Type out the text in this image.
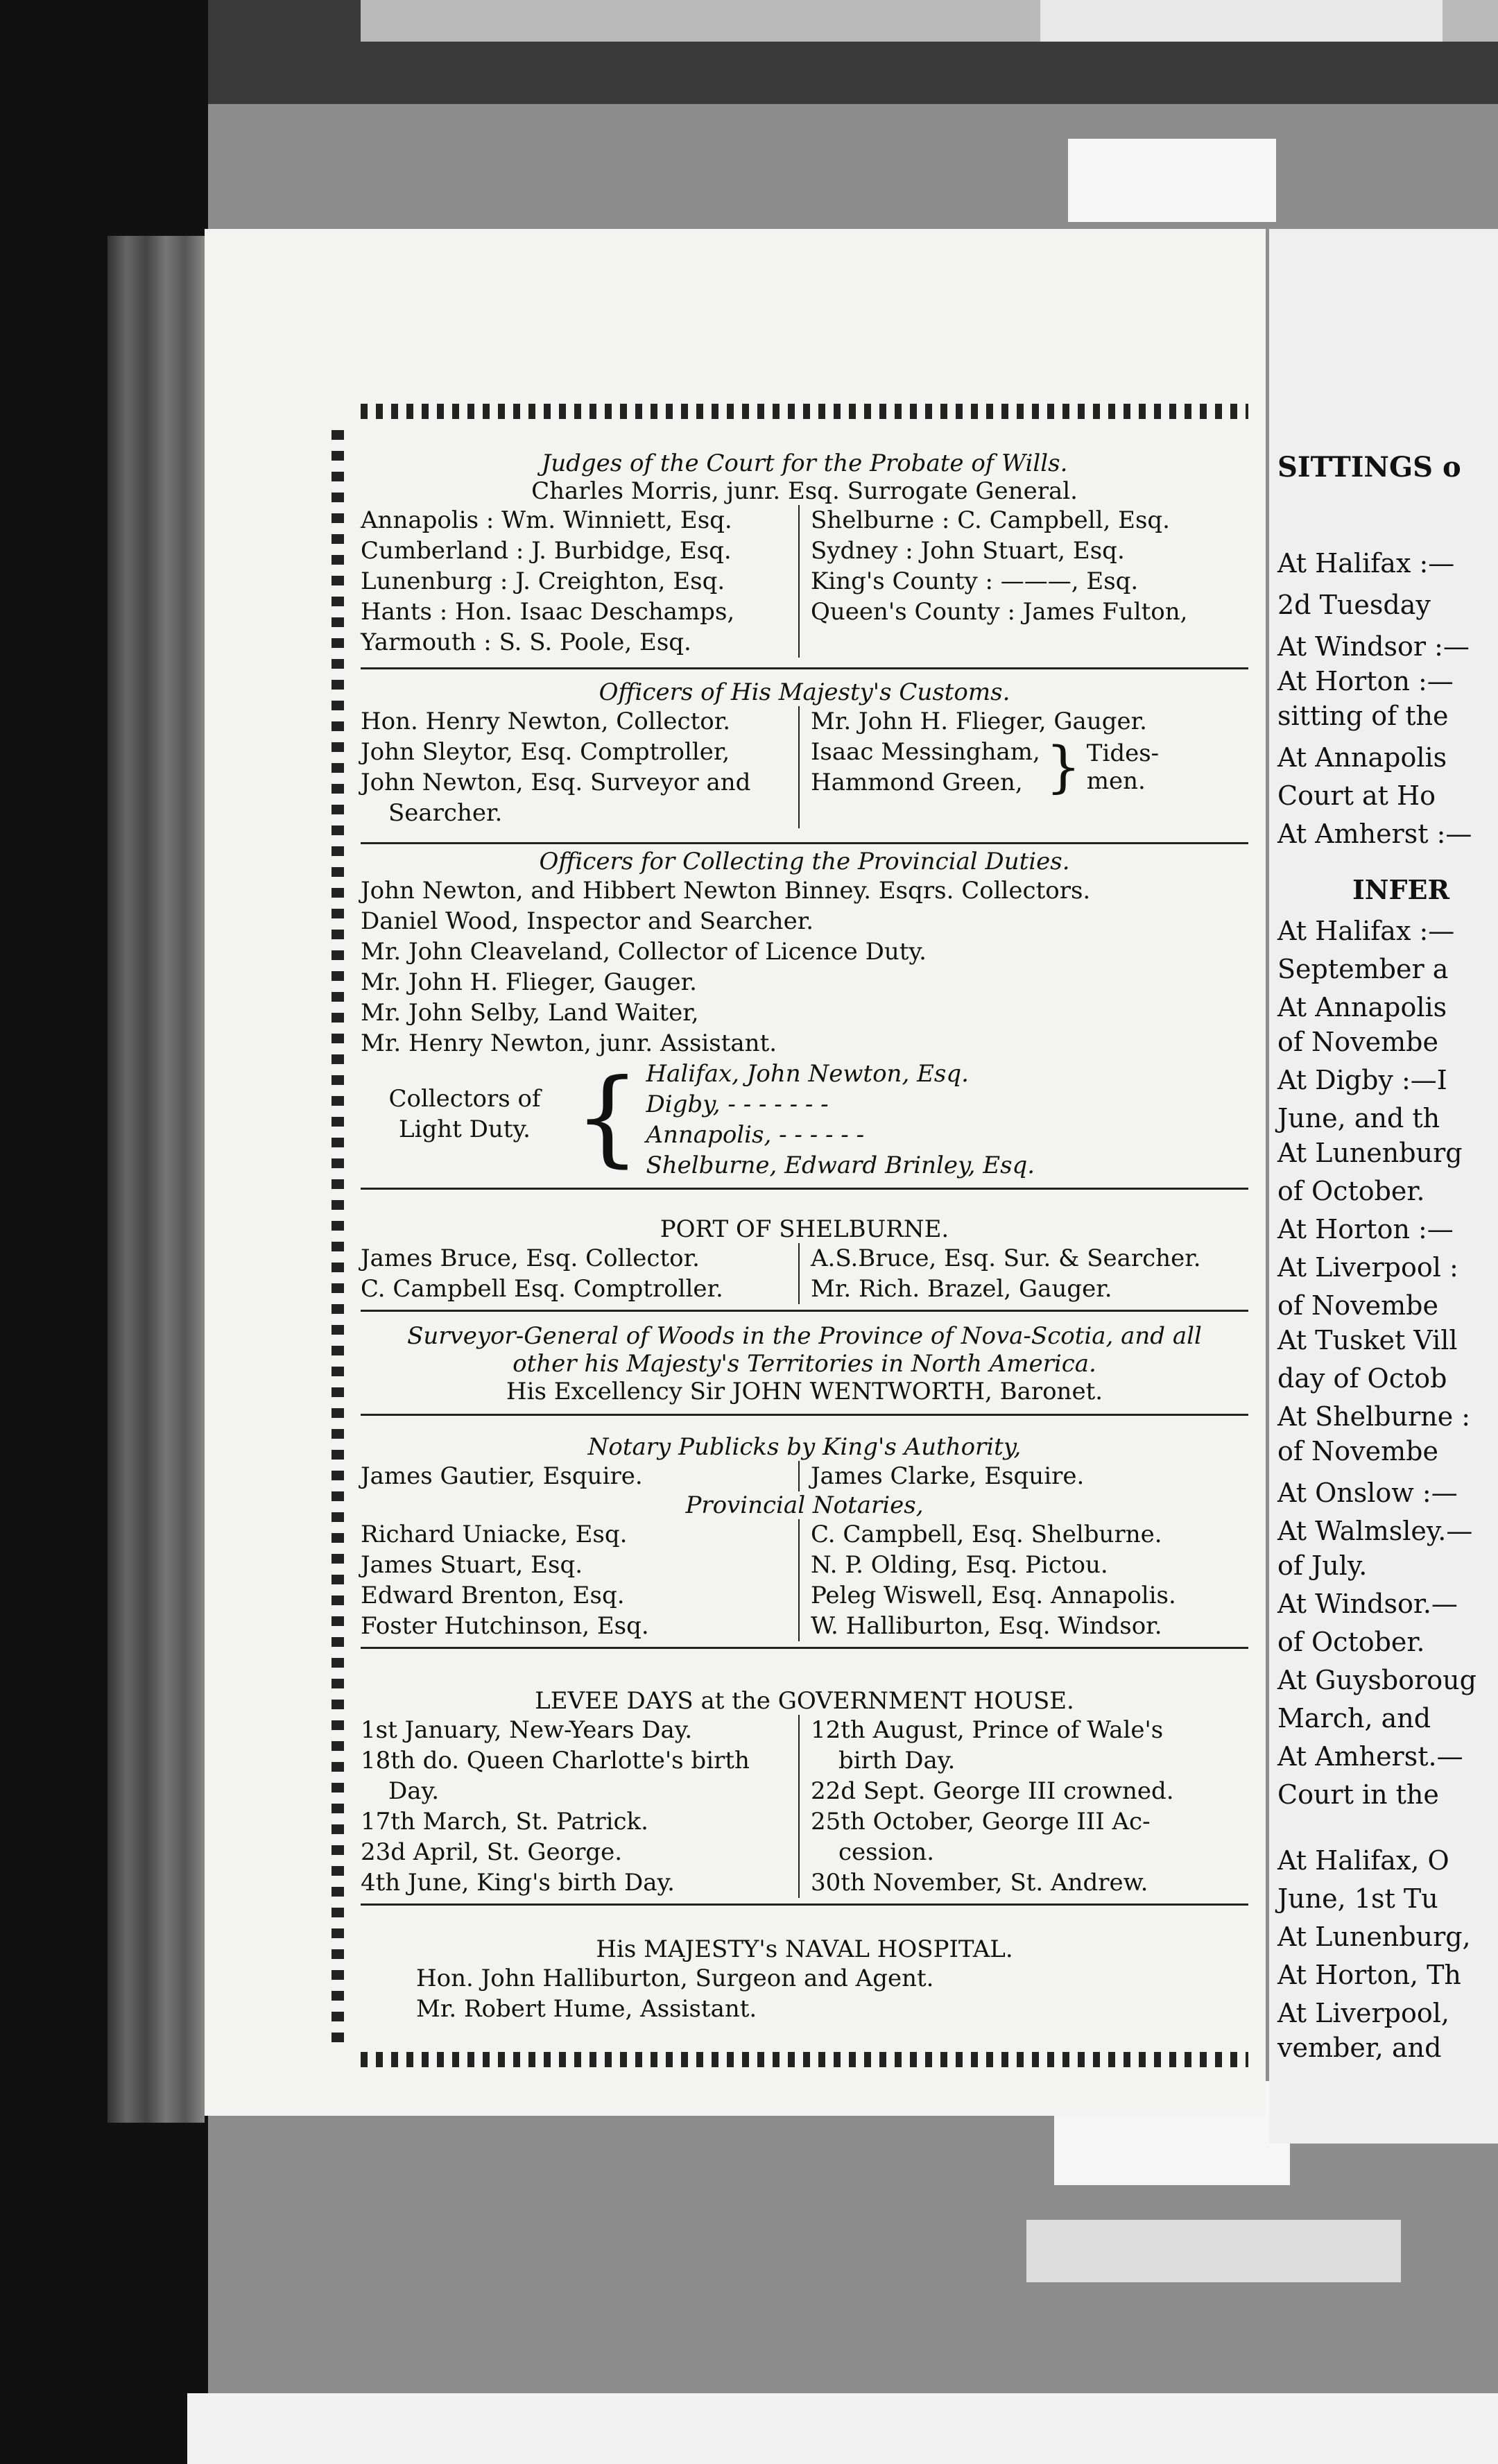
SITTINGS o
At Halifax :—
2d Tuesday
At Windsor :—
At Horton :—
sitting of the
At Annapolis
Court at Ho
At Amherst :—
INFER
At Halifax :—
September a
At Annapolis
of Novembe
At Digby :—I
June, and th
At Lunenburg
of October.
At Horton :—
At Liverpool :
of Novembe
At Tusket Vill
day of Octob
At Shelburne :
of Novembe
At Onslow :—
At Walmsley.—
of July.
At Windsor.—
of October.
At Guysboroug
March, and
At Amherst.—
Court in the
At Halifax, O
June, 1st Tu
At Lunenburg,
At Horton, Th
At Liverpool,
vember, and
Judges of the Court for the Probate of Wills.
Charles Morris, junr. Esq. Surrogate General.
Annapolis : Wm. Winniett, Esq.
Cumberland : J. Burbidge, Esq.
Lunenburg : J. Creighton, Esq.
Hants : Hon. Isaac Deschamps,
Yarmouth : S. S. Poole, Esq.
Shelburne : C. Campbell, Esq.
Sydney : John Stuart, Esq.
King's County : ———, Esq.
Queen's County : James Fulton,
Officers of His Majesty's Customs.
Hon. Henry Newton, Collector.
John Sleytor, Esq. Comptroller,
John Newton, Esq. Surveyor and
Searcher.
Mr. John H. Flieger, Gauger.
Isaac Messingham,
Hammond Green, } Tides-men.
Officers for Collecting the Provincial Duties.
John Newton, and Hibbert Newton Binney. Esqrs. Collectors.
Daniel Wood, Inspector and Searcher.
Mr. John Cleaveland, Collector of Licence Duty.
Mr. John H. Flieger, Gauger.
Mr. John Selby, Land Waiter,
Mr. Henry Newton, junr. Assistant.
Collectors of Light Duty. { Halifax, John Newton, Esq.
Digby, - - - - - - -
Annapolis, - - - - - -
Shelburne, Edward Brinley, Esq.
PORT OF SHELBURNE.
James Bruce, Esq. Collector.
C. Campbell Esq. Comptroller.
A.S.Bruce, Esq. Sur. & Searcher.
Mr. Rich. Brazel, Gauger.
Surveyor-General of Woods in the Province of Nova-Scotia, and all
other his Majesty's Territories in North America.
His Excellency Sir JOHN WENTWORTH, Baronet.
Notary Publicks by King's Authority,
James Gautier, Esquire.	James Clarke, Esquire.
Provincial Notaries,
Richard Uniacke, Esq.
James Stuart, Esq.
Edward Brenton, Esq.
Foster Hutchinson, Esq.
C. Campbell, Esq. Shelburne.
N. P. Olding, Esq. Pictou.
Peleg Wiswell, Esq. Annapolis.
W. Halliburton, Esq. Windsor.
LEVEE DAYS at the GOVERNMENT HOUSE.
1st January, New-Years Day.
18th do. Queen Charlotte's birth
Day.
17th March, St. Patrick.
23d April, St. George.
4th June, King's birth Day.
12th August, Prince of Wale's
birth Day.
22d Sept. George III crowned.
25th October, George III Ac-
cession.
30th November, St. Andrew.
His MAJESTY's NAVAL HOSPITAL.
Hon. John Halliburton, Surgeon and Agent.
Mr. Robert Hume, Assistant.
